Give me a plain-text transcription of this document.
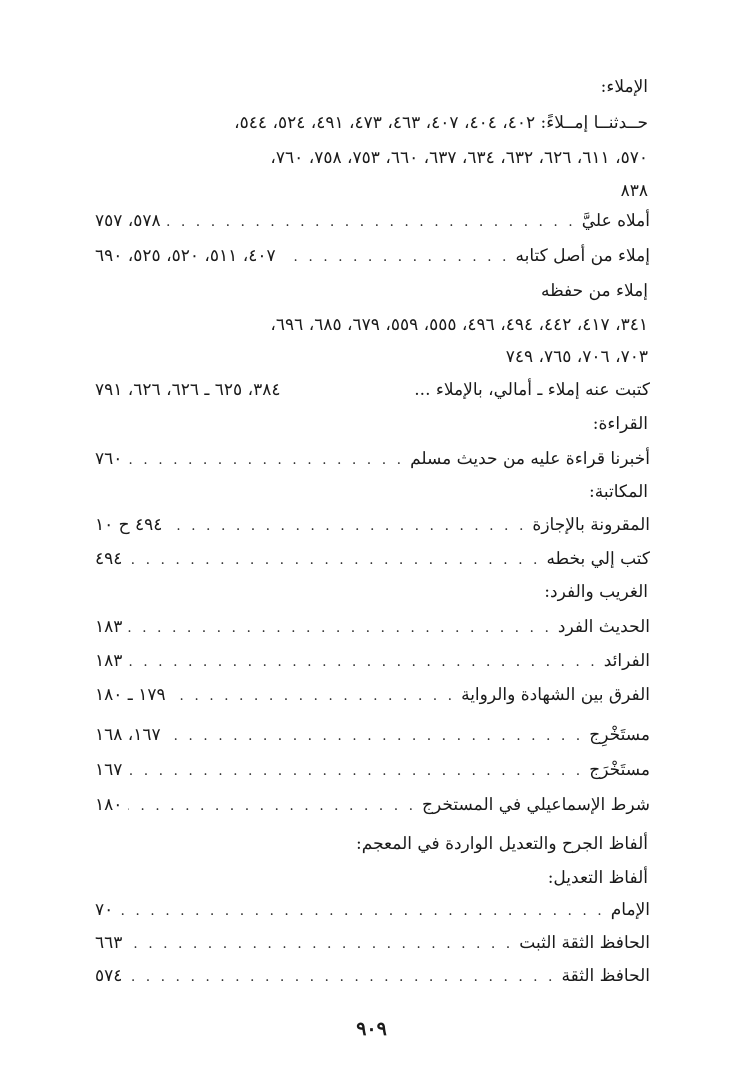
الإملاء:
حــدثنــا إمــلاءً: ٤٠٢، ٤٠٤، ٤٠٧، ٤٦٣، ٤٧٣، ٤٩١، ٥٢٤، ٥٤٤،
٥٧٠، ٦١١، ٦٢٦، ٦٣٢، ٦٣٤، ٦٣٧، ٦٦٠، ٧٥٣، ٧٥٨، ٧٦٠،
٨٣٨
أملاه عليَّ
. . .
٥٧٨، ٧٥٧
إملاء من أصل كتابه
. . .
٤٠٧، ٥١١، ٥٢٠، ٥٢٥، ٦٩٠
إملاء من حفظه
٣٤١، ٤١٧، ٤٤٢، ٤٩٤، ٤٩٦، ٥٥٥، ٥٥٩، ٦٧٩، ٦٨٥، ٦٩٦،
٧٠٣، ٧٠٦، ٧٦٥، ٧٤٩
كتبت عنه إملاء ـ أمالي، بالإملاء ...
٣٨٤، ٦٢٥ ـ ٦٢٦، ٦٢٦، ٧٩١
القراءة:
أخبرنا قراءة عليه من حديث مسلم
. . .
٧٦٠
المكاتبة:
المقرونة بالإجازة
. . .
٤٩٤ ح ١٠
كتب إلي بخطه
. . .
٤٩٤
الغريب والفرد:
الحديث الفرد
. . .
١٨٣
الفرائد
. . .
١٨٣
الفرق بين الشهادة والرواية
. . .
١٧٩ ـ ١٨٠
مستَخْرِج
. . .
١٦٧، ١٦٨
مستَخْرَج
. . .
١٦٧
شرط الإسماعيلي في المستخرج
. . .
١٨٠
ألفاظ الجرح والتعديل الواردة في المعجم:
ألفاظ التعديل:
الإمام
. . .
٧٠
الحافظ الثقة الثبت
. . .
٦٦٣
الحافظ الثقة
. . .
٥٧٤
٩٠٩
